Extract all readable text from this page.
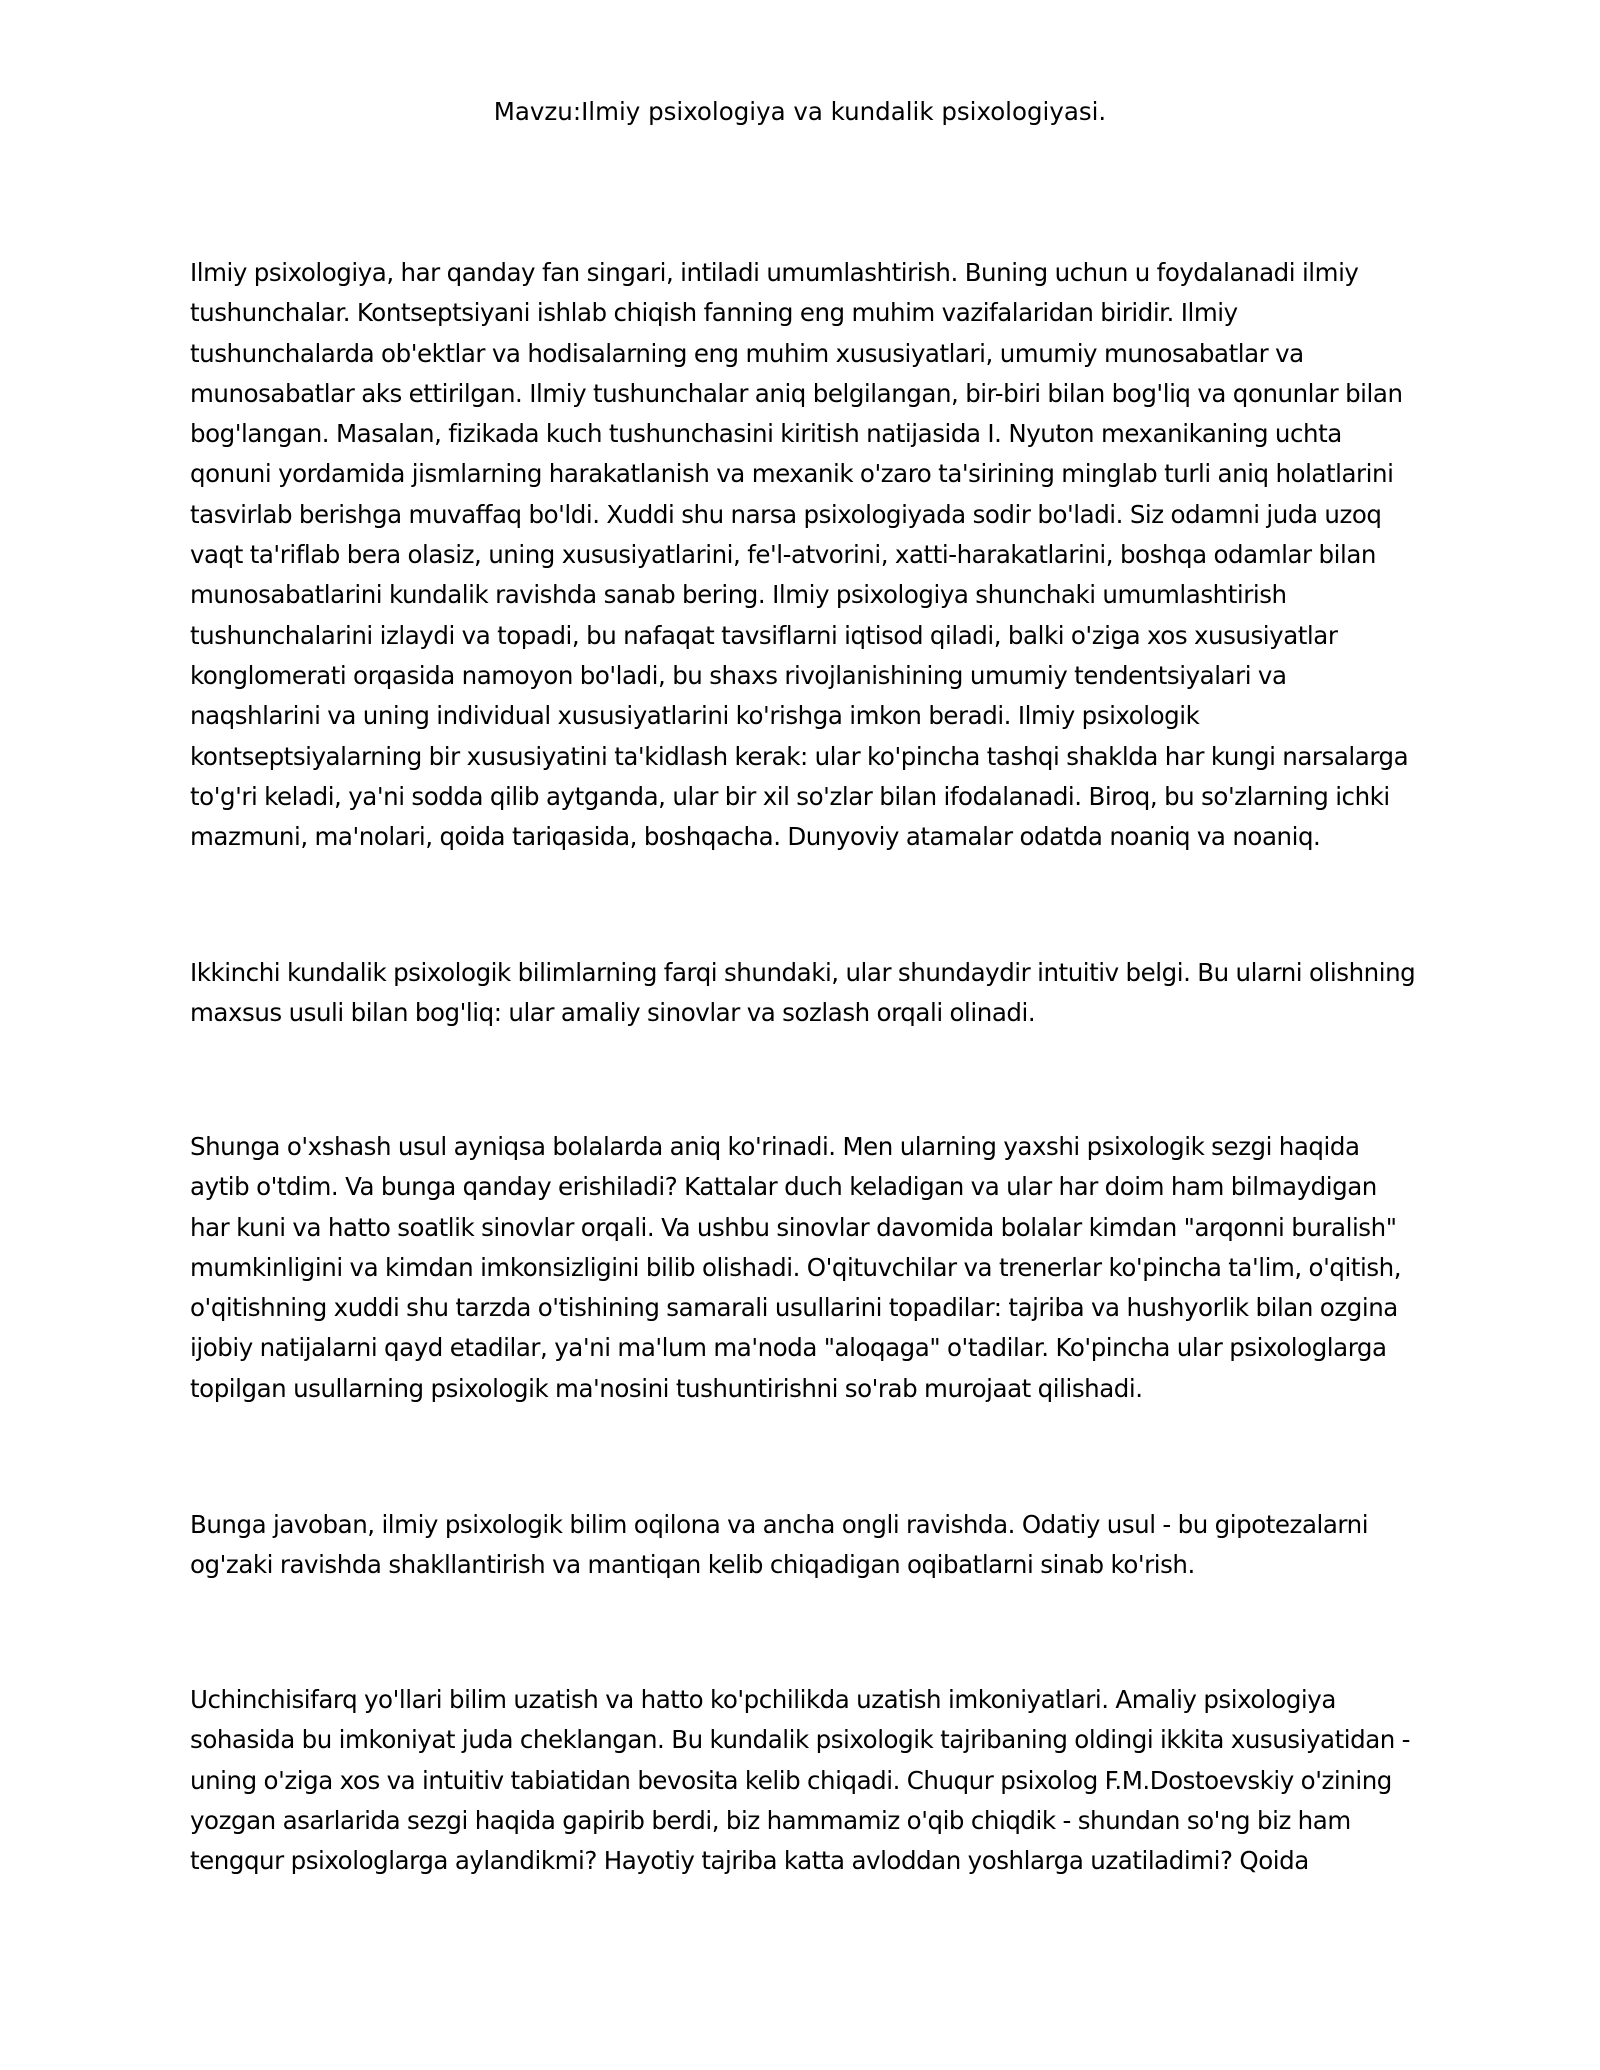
Mavzu:Ilmiy psixologiya va kundalik psixologiyasi.

Ilmiy psixologiya, har qanday fan singari, intiladi umumlashtirish. Buning uchun u foydalanadi ilmiy tushunchalar. Kontseptsiyani ishlab chiqish fanning eng muhim vazifalaridan biridir. Ilmiy tushunchalarda ob'ektlar va hodisalarning eng muhim xususiyatlari, umumiy munosabatlar va munosabatlar aks ettirilgan. Ilmiy tushunchalar aniq belgilangan, bir-biri bilan bog'liq va qonunlar bilan bog'langan. Masalan, fizikada kuch tushunchasini kiritish natijasida I. Nyuton mexanikaning uchta qonuni yordamida jismlarning harakatlanish va mexanik o'zaro ta'sirining minglab turli aniq holatlarini tasvirlab berishga muvaffaq bo'ldi. Xuddi shu narsa psixologiyada sodir bo'ladi. Siz odamni juda uzoq vaqt ta'riflab bera olasiz, uning xususiyatlarini, fe'l-atvorini, xatti-harakatlarini, boshqa odamlar bilan munosabatlarini kundalik ravishda sanab bering. Ilmiy psixologiya shunchaki umumlashtirish tushunchalarini izlaydi va topadi, bu nafaqat tavsiflarni iqtisod qiladi, balki o'ziga xos xususiyatlar konglomerati orqasida namoyon bo'ladi, bu shaxs rivojlanishining umumiy tendentsiyalari va naqshlarini va uning individual xususiyatlarini ko'rishga imkon beradi. Ilmiy psixologik kontseptsiyalarning bir xususiyatini ta'kidlash kerak: ular ko'pincha tashqi shaklda har kungi narsalarga to'g'ri keladi, ya'ni sodda qilib aytganda, ular bir xil so'zlar bilan ifodalanadi. Biroq, bu so'zlarning ichki mazmuni, ma'nolari, qoida tariqasida, boshqacha. Dunyoviy atamalar odatda noaniq va noaniq.

Ikkinchi kundalik psixologik bilimlarning farqi shundaki, ular shundaydir intuitiv belgi. Bu ularni olishning maxsus usuli bilan bog'liq: ular amaliy sinovlar va sozlash orqali olinadi.

Shunga o'xshash usul ayniqsa bolalarda aniq ko'rinadi. Men ularning yaxshi psixologik sezgi haqida aytib o'tdim. Va bunga qanday erishiladi? Kattalar duch keladigan va ular har doim ham bilmaydigan har kuni va hatto soatlik sinovlar orqali. Va ushbu sinovlar davomida bolalar kimdan "arqonni buralish" mumkinligini va kimdan imkonsizligini bilib olishadi. O'qituvchilar va trenerlar ko'pincha ta'lim, o'qitish, o'qitishning xuddi shu tarzda o'tishining samarali usullarini topadilar: tajriba va hushyorlik bilan ozgina ijobiy natijalarni qayd etadilar, ya'ni ma'lum ma'noda "aloqaga" o'tadilar. Ko'pincha ular psixologlarga topilgan usullarning psixologik ma'nosini tushuntirishni so'rab murojaat qilishadi.

Bunga javoban, ilmiy psixologik bilim oqilona va ancha ongli ravishda. Odatiy usul - bu gipotezalarni og'zaki ravishda shakllantirish va mantiqan kelib chiqadigan oqibatlarni sinab ko'rish.

Uchinchisifarq yo'llari bilim uzatish va hatto ko'pchilikda uzatish imkoniyatlari. Amaliy psixologiya sohasida bu imkoniyat juda cheklangan. Bu kundalik psixologik tajribaning oldingi ikkita xususiyatidan - uning o'ziga xos va intuitiv tabiatidan bevosita kelib chiqadi. Chuqur psixolog F.M.Dostoevskiy o'zining yozgan asarlarida sezgi haqida gapirib berdi, biz hammamiz o'qib chiqdik - shundan so'ng biz ham tengqur psixologlarga aylandikmi? Hayotiy tajriba katta avloddan yoshlarga uzatiladimi? Qoida
